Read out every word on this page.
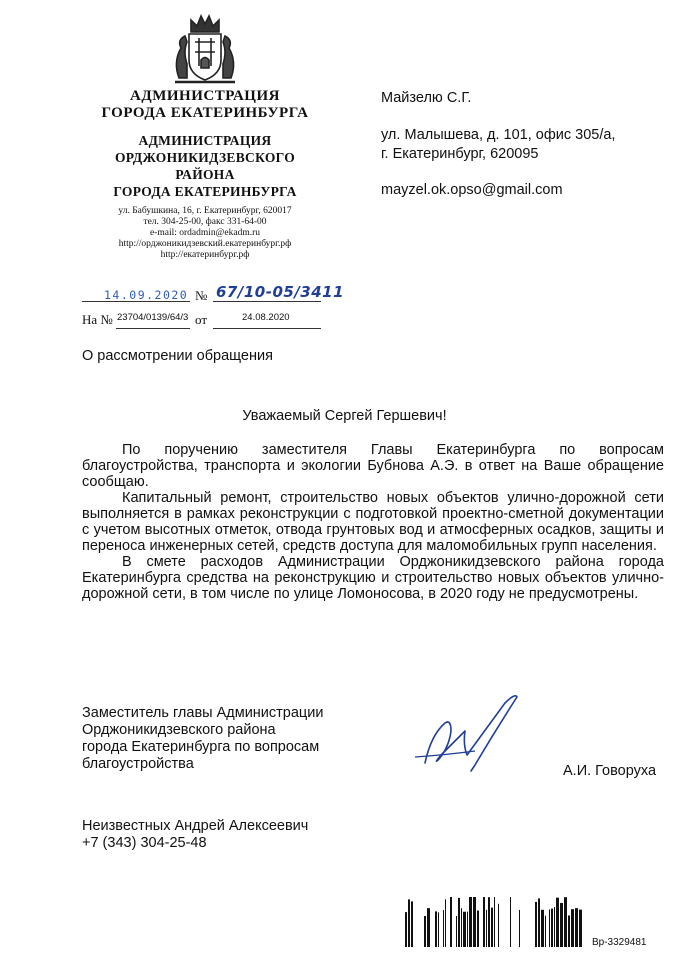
АДМИНИСТРАЦИЯ
ГОРОДА ЕКАТЕРИНБУРГА
АДМИНИСТРАЦИЯ
ОРДЖОНИКИДЗЕВСКОГО
РАЙОНА
ГОРОДА ЕКАТЕРИНБУРГА
ул. Бабушкина, 16, г. Екатеринбург, 620017
тел. 304-25-00, факс 331-64-00
e-mail: ordadmin@ekadm.ru
http://орджоникидзевский.екатеринбург.рф
http://екатеринбург.рф
14.09.2020 № 67/10-05/3411
На № 23704/0139/64/3 от	24.08.2020
Майзелю С.Г.
ул. Малышева, д. 101, офис 305/а,
г. Екатеринбург, 620095
mayzel.ok.opso@gmail.com
О рассмотрении обращения
Уважаемый Сергей Гершевич!

По поручению заместителя Главы Екатеринбурга по вопросам благоустройства, транспорта и экологии Бубнова А.Э. в ответ на Ваше обращение сообщаю.

Капитальный ремонт, строительство новых объектов улично-дорожной сети выполняется в рамках реконструкции с подготовкой проектно-сметной документации с учетом высотных отметок, отвода грунтовых вод и атмосферных осадков, защиты и переноса инженерных сетей, средств доступа для маломобильных групп населения.

В смете расходов Администрации Орджоникидзевского района города Екатеринбурга средства на реконструкцию и строительство новых объектов улично-дорожной сети, в том числе по улице Ломоносова, в 2020 году не предусмотрены.

Заместитель главы Администрации
Орджоникидзевского района
города Екатеринбурга по вопросам
благоустройства	А.И. Говоруха
Неизвестных Андрей Алексеевич
+7 (343) 304-25-48
Вр-3329481
